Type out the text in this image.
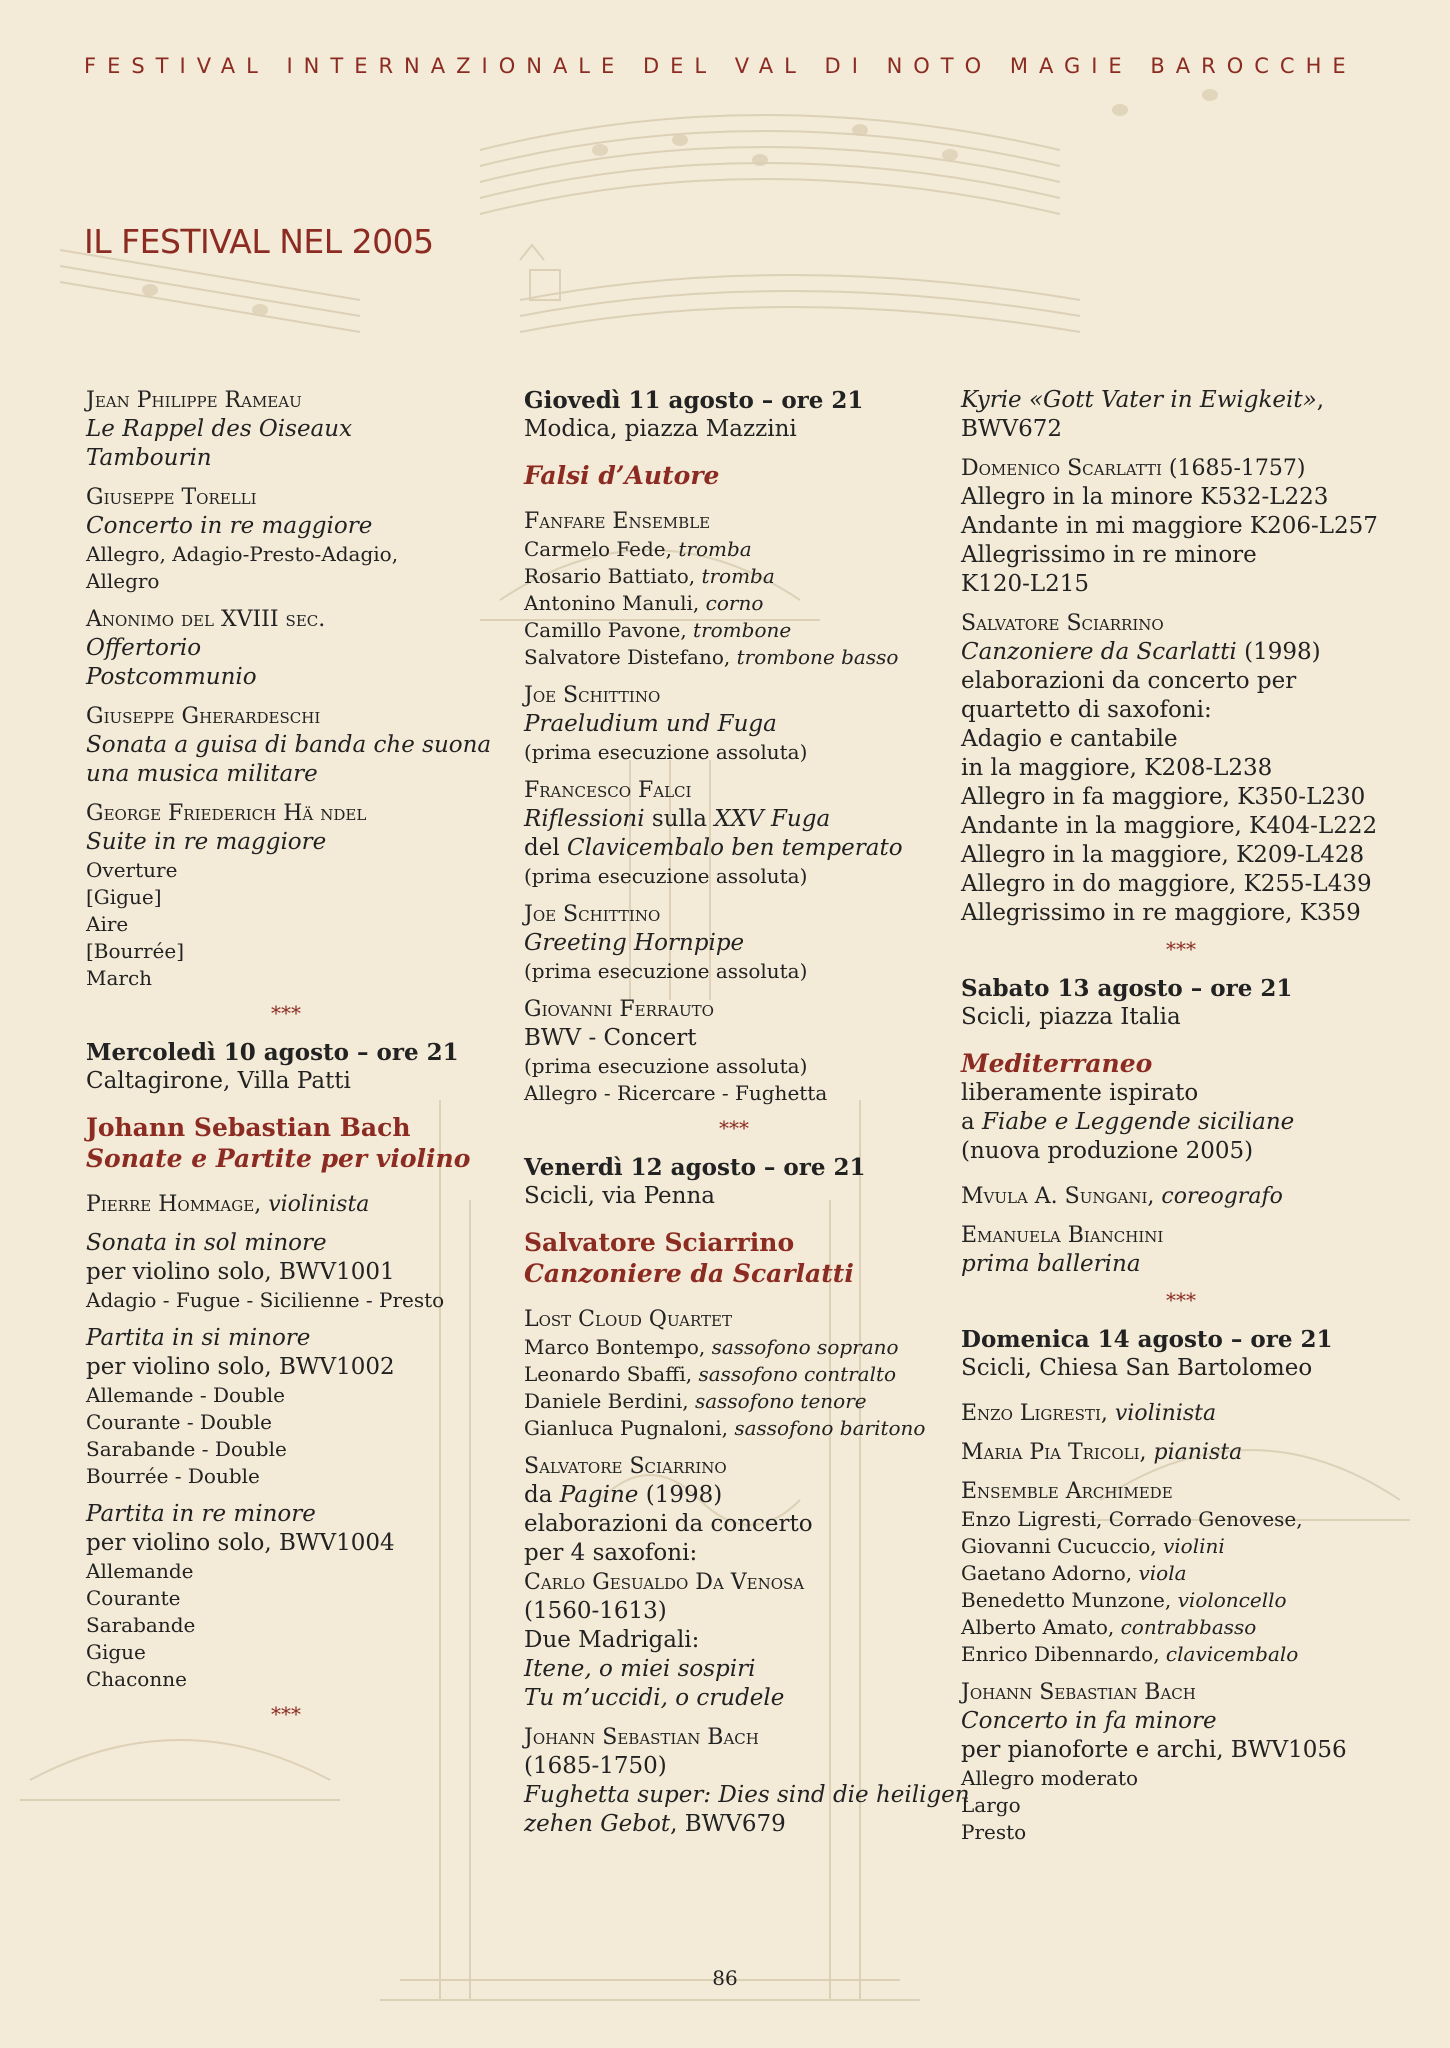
FESTIVAL INTERNAZIONALE DEL VAL DI NOTO MAGIE BAROCCHE
IL FESTIVAL NEL 2005
Jean Philippe Rameau
Le Rappel des Oiseaux
Tambourin
Giuseppe Torelli
Concerto in re maggiore
Allegro, Adagio-Presto-Adagio,
Allegro
Anonimo del XVIII sec.
Offertorio
Postcommunio
Giuseppe Gherardeschi
Sonata a guisa di banda che suona
una musica militare
George Friederich Hä ndel
Suite in re maggiore
Overture
[Gigue]
Aire
[Bourrée]
March
***
Mercoledì 10 agosto – ore 21
Caltagirone, Villa Patti
Johann Sebastian Bach
Sonate e Partite per violino
Pierre Hommage, violinista
Sonata in sol minore
per violino solo, BWV1001
Adagio - Fugue - Sicilienne - Presto
Partita in si minore
per violino solo, BWV1002
Allemande - Double
Courante - Double
Sarabande - Double
Bourrée - Double
Partita in re minore
per violino solo, BWV1004
Allemande
Courante
Sarabande
Gigue
Chaconne
***
Giovedì 11 agosto – ore 21
Modica, piazza Mazzini
Falsi d’Autore
Fanfare Ensemble
Carmelo Fede, tromba
Rosario Battiato, tromba
Antonino Manuli, corno
Camillo Pavone, trombone
Salvatore Distefano, trombone basso
Joe Schittino
Praeludium und Fuga
(prima esecuzione assoluta)
Francesco Falci
Riflessioni sulla XXV Fuga
del Clavicembalo ben temperato
(prima esecuzione assoluta)
Joe Schittino
Greeting Hornpipe
(prima esecuzione assoluta)
Giovanni Ferrauto
BWV - Concert
(prima esecuzione assoluta)
Allegro - Ricercare - Fughetta
***
Venerdì 12 agosto – ore 21
Scicli, via Penna
Salvatore Sciarrino
Canzoniere da Scarlatti
Lost Cloud Quartet
Marco Bontempo, sassofono soprano
Leonardo Sbaffi, sassofono contralto
Daniele Berdini, sassofono tenore
Gianluca Pugnaloni, sassofono baritono
Salvatore Sciarrino
da Pagine (1998)
elaborazioni da concerto
per 4 saxofoni:
Carlo Gesualdo Da Venosa
(1560-1613)
Due Madrigali:
Itene, o miei sospiri
Tu m’uccidi, o crudele
Johann Sebastian Bach
(1685-1750)
Fughetta super: Dies sind die heiligen
zehen Gebot, BWV679
Kyrie «Gott Vater in Ewigkeit»,
BWV672
Domenico Scarlatti (1685-1757)
Allegro in la minore K532-L223
Andante in mi maggiore K206-L257
Allegrissimo in re minore
K120-L215
Salvatore Sciarrino
Canzoniere da Scarlatti (1998)
elaborazioni da concerto per
quartetto di saxofoni:
Adagio e cantabile
in la maggiore, K208-L238
Allegro in fa maggiore, K350-L230
Andante in la maggiore, K404-L222
Allegro in la maggiore, K209-L428
Allegro in do maggiore, K255-L439
Allegrissimo in re maggiore, K359
***
Sabato 13 agosto – ore 21
Scicli, piazza Italia
Mediterraneo
liberamente ispirato
a Fiabe e Leggende siciliane
(nuova produzione 2005)
Mvula A. Sungani, coreografo
Emanuela Bianchini
prima ballerina
***
Domenica 14 agosto – ore 21
Scicli, Chiesa San Bartolomeo
Enzo Ligresti, violinista
Maria Pia Tricoli, pianista
Ensemble Archimede
Enzo Ligresti, Corrado Genovese,
Giovanni Cucuccio, violini
Gaetano Adorno, viola
Benedetto Munzone, violoncello
Alberto Amato, contrabbasso
Enrico Dibennardo, clavicembalo
Johann Sebastian Bach
Concerto in fa minore
per pianoforte e archi, BWV1056
Allegro moderato
Largo
Presto
86
